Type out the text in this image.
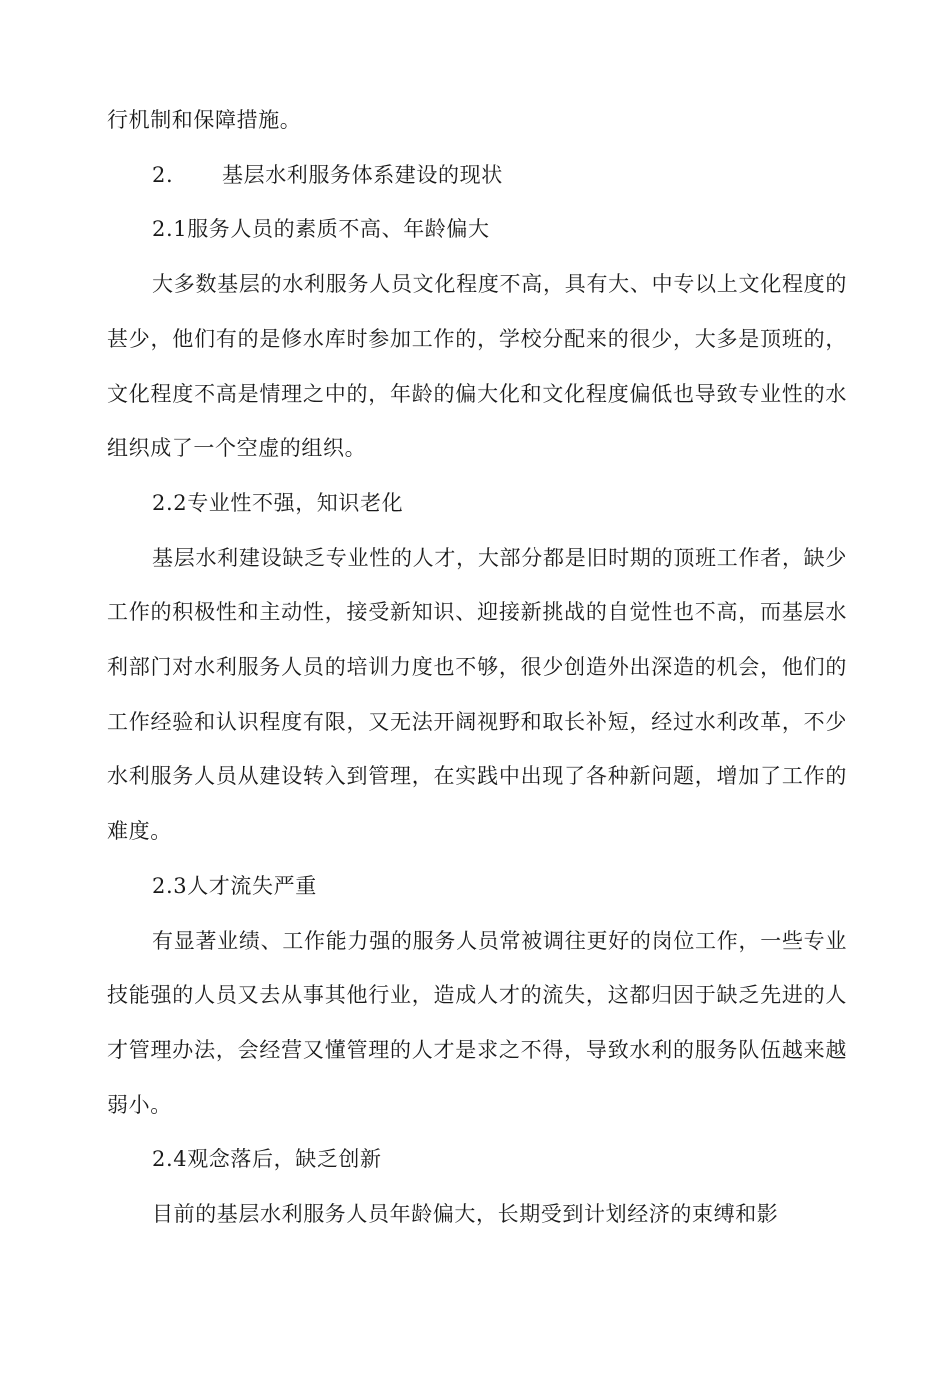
行机制和保障措施。

2. 基层水利服务体系建设的现状

2.1服务人员的素质不高、年龄偏大

大多数基层的水利服务人员文化程度不高，具有大、中专以上文化程度的甚少，他们有的是修水库时参加工作的，学校分配来的很少，大多是顶班的，文化程度不高是情理之中的，年龄的偏大化和文化程度偏低也导致专业性的水组织成了一个空虚的组织。

2.2专业性不强，知识老化

基层水利建设缺乏专业性的人才，大部分都是旧时期的顶班工作者，缺少工作的积极性和主动性，接受新知识、迎接新挑战的自觉性也不高，而基层水利部门对水利服务人员的培训力度也不够，很少创造外出深造的机会，他们的工作经验和认识程度有限，又无法开阔视野和取长补短，经过水利改革，不少水利服务人员从建设转入到管理，在实践中出现了各种新问题，增加了工作的难度。

2.3人才流失严重

有显著业绩、工作能力强的服务人员常被调往更好的岗位工作，一些专业技能强的人员又去从事其他行业，造成人才的流失，这都归因于缺乏先进的人才管理办法，会经营又懂管理的人才是求之不得，导致水利的服务队伍越来越弱小。

2.4观念落后，缺乏创新

目前的基层水利服务人员年龄偏大，长期受到计划经济的束缚和影
